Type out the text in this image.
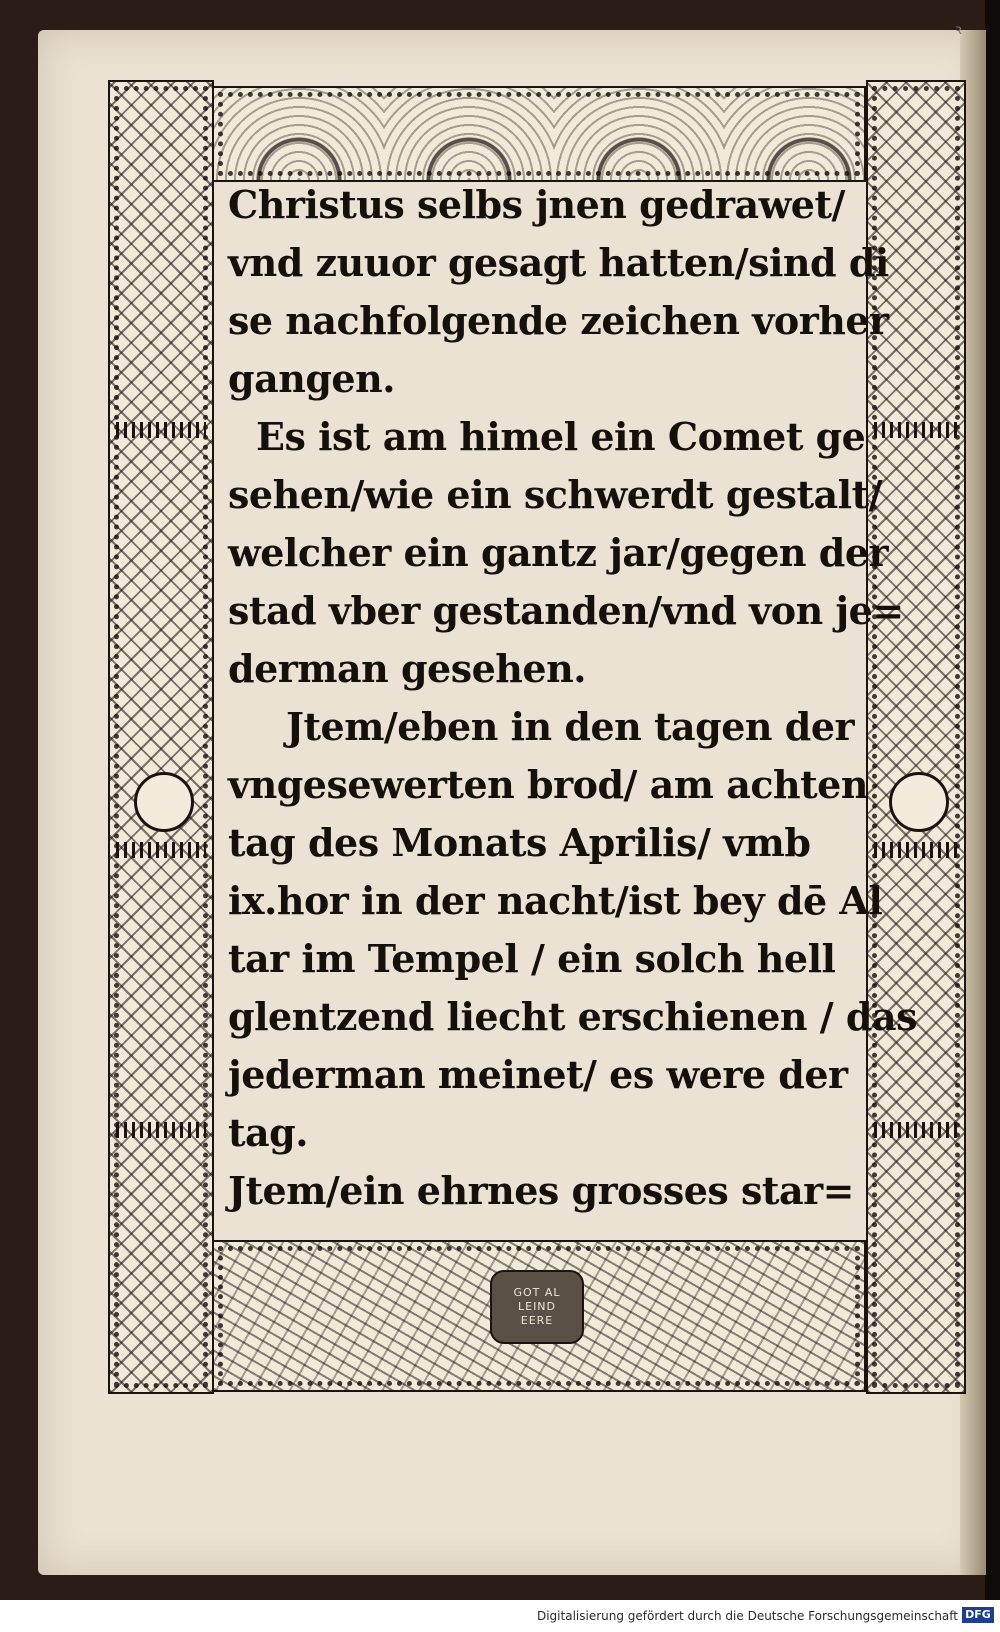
ꝛ
GOT AL
LEIND
EERE
Christus selbs jnen gedrawet/
vnd zuuor gesagt hatten/sind di
se nachfolgende zeichen vorher
gangen.
Es ist am himel ein Comet ge
sehen/wie ein schwerdt gestalt/
welcher ein gantz jar/gegen der
stad vber gestanden/vnd von je=
derman gesehen.
Jtem/eben in den tagen der
vngesewerten brod/ am achten
tag des Monats Aprilis/ vmb
ix.hor in der nacht/ist bey dē Al
tar im Tempel / ein solch hell
glentzend liecht erschienen / das
jederman meinet/ es were der
tag.
Jtem/ein ehrnes grosses star=
Digitalisierung gefördert durch die Deutsche Forschungsgemeinschaft DFG
